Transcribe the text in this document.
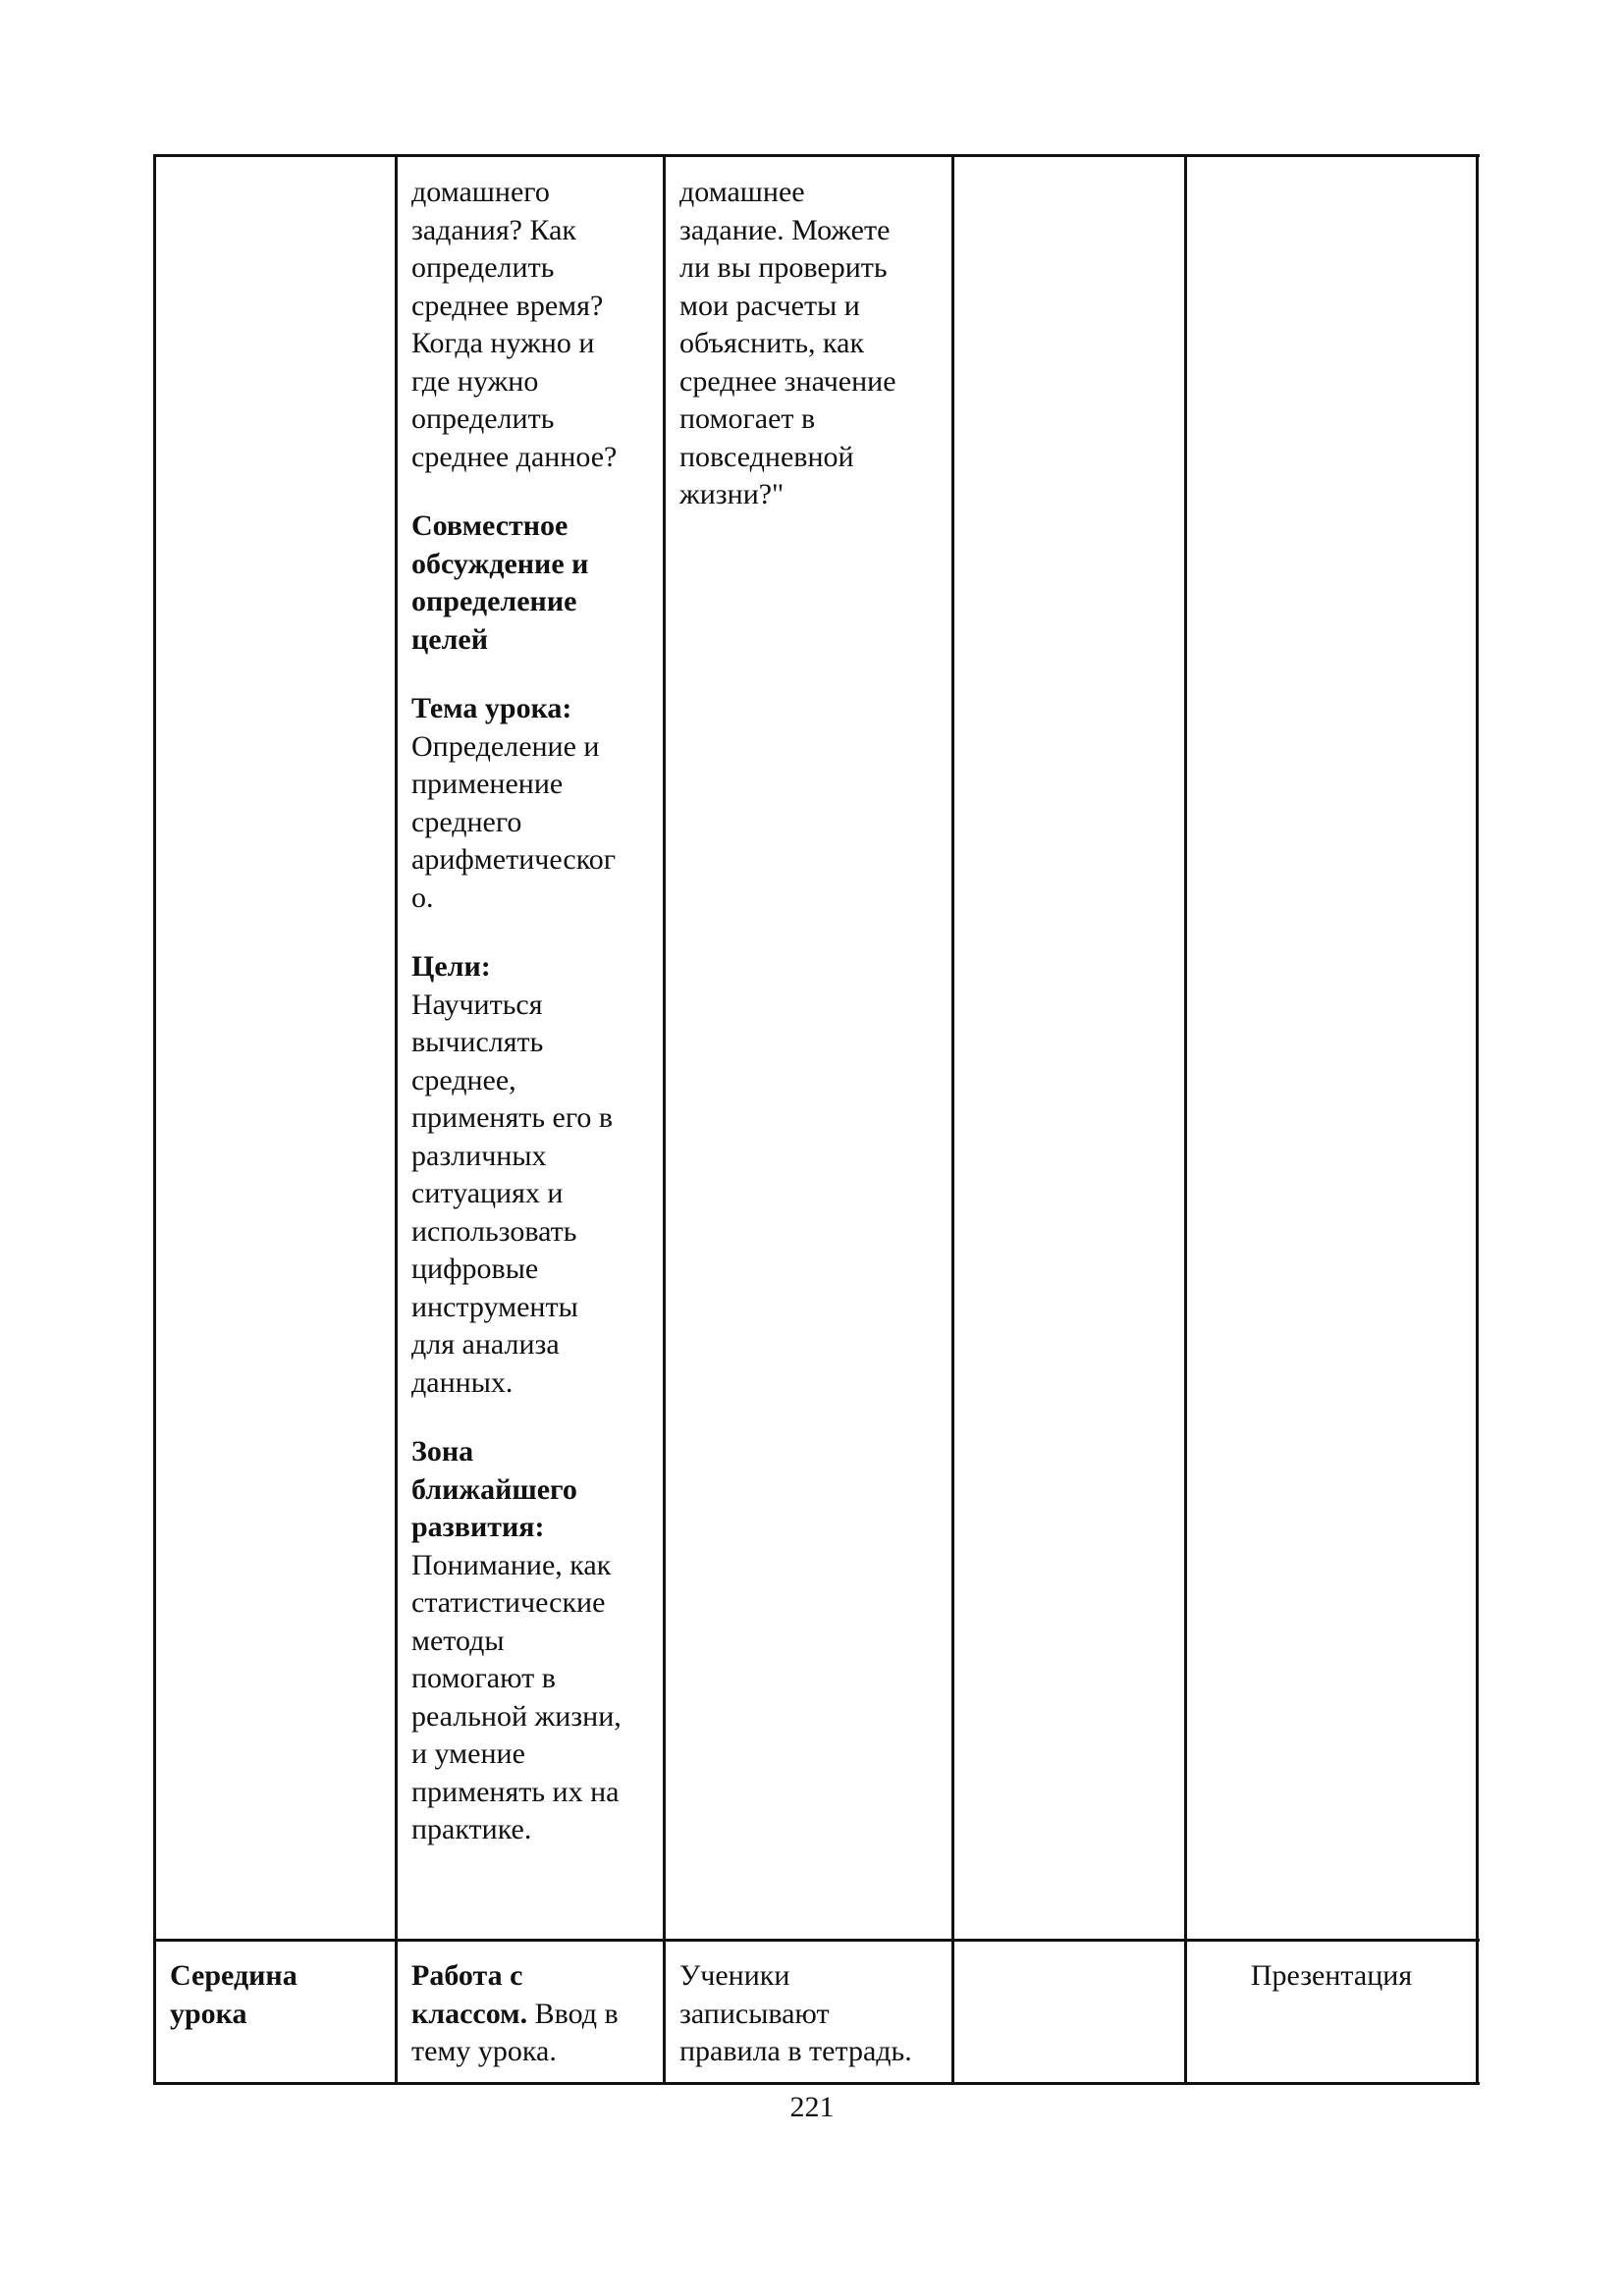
домашнего

задания? Как

определить

среднее время?

Когда нужно и

где нужно

определить

среднее данное?

Совместное

обсуждение и

определение

целей

Тема урока:

Определение и

применение

среднего

арифметическог

о.

Цели:

Научиться

вычислять

среднее,

применять его в

различных

ситуациях и

использовать

цифровые

инструменты

для анализа

данных.

Зона

ближайшего

развития:

Понимание, как

статистические

методы

помогают в

реальной жизни,

и умение

применять их на

практике.

домашнее

задание. Можете

ли вы проверить

мои расчеты и

объяснить, как

среднее значение

помогает в

повседневной

жизни?"

Середина

урока

Работа с

классом. Ввод в

тему урока.

Ученики

записывают

правила в тетрадь.

Презентация

221
